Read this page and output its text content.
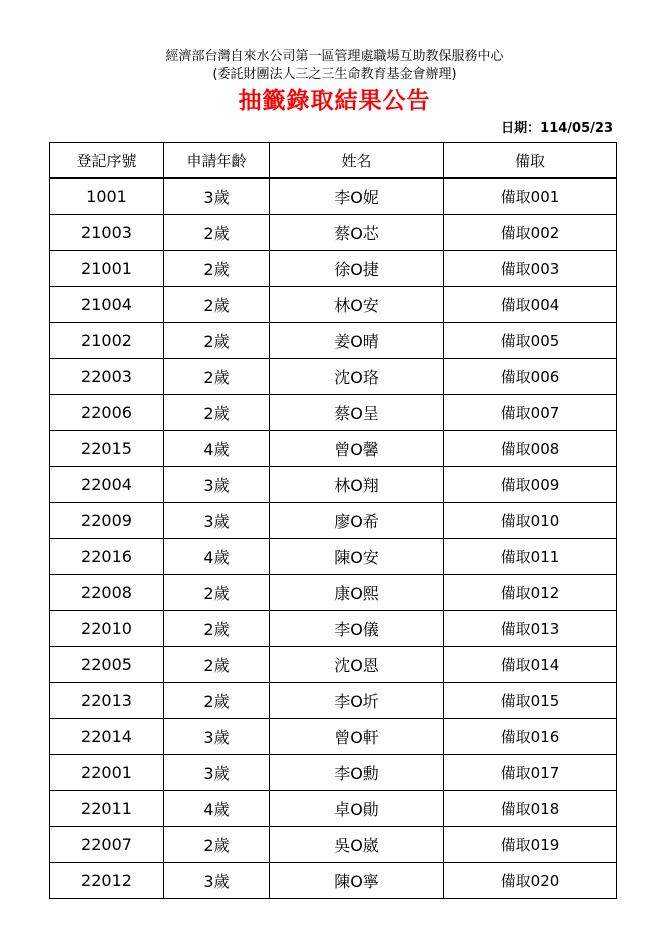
經濟部台灣自來水公司第一區管理處職場互助教保服務中心
(委託財團法人三之三生命教育基金會辦理)
抽籤錄取結果公告
日期：114/05/23
登記序號	申請年齡	姓名	備取
1001	3歲	李O妮	備取001
21003	2歲	蔡O芯	備取002
21001	2歲	徐O捷	備取003
21004	2歲	林O安	備取004
21002	2歲	姜O晴	備取005
22003	2歲	沈O珞	備取006
22006	2歲	蔡O呈	備取007
22015	4歲	曾O馨	備取008
22004	3歲	林O翔	備取009
22009	3歲	廖O希	備取010
22016	4歲	陳O安	備取011
22008	2歲	康O熙	備取012
22010	2歲	李O儀	備取013
22005	2歲	沈O恩	備取014
22013	2歲	李O圻	備取015
22014	3歲	曾O軒	備取016
22001	3歲	李O勳	備取017
22011	4歲	卓O勛	備取018
22007	2歲	吳O崴	備取019
22012	3歲	陳O寧	備取020
